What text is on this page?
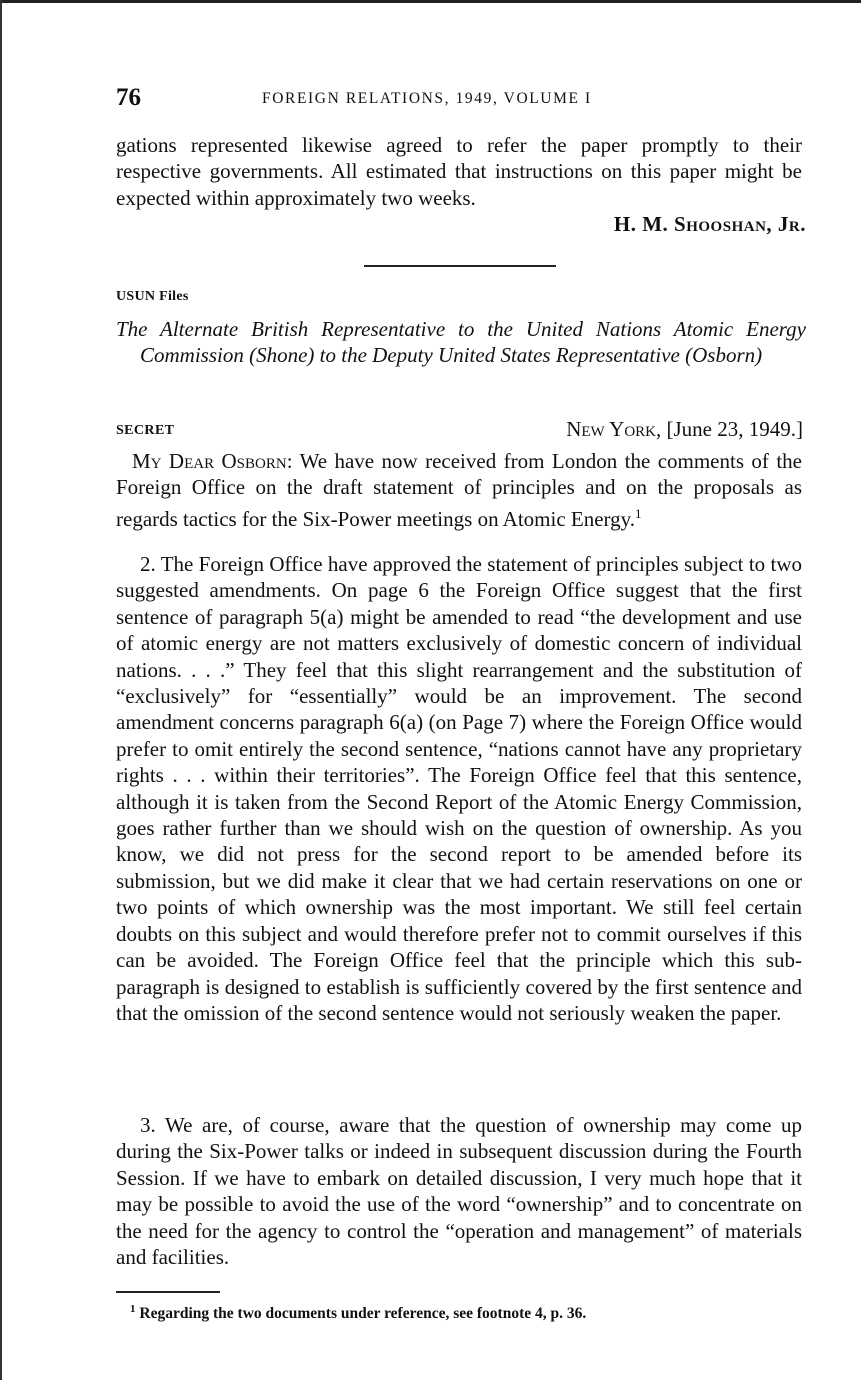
76	FOREIGN RELATIONS, 1949, VOLUME I
gations represented likewise agreed to refer the paper promptly to their respective governments. All estimated that instructions on this paper might be expected within approximately two weeks.
H. M. Shooshan, Jr.
USUN Files
The Alternate British Representative to the United Nations Atomic Energy Commission (Shone) to the Deputy United States Representative (Osborn)
SECRET	New York, [June 23, 1949.]
My Dear Osborn: We have now received from London the comments of the Foreign Office on the draft statement of principles and on the proposals as regards tactics for the Six-Power meetings on Atomic Energy.$^1$
2. The Foreign Office have approved the statement of principles subject to two suggested amendments. On page 6 the Foreign Office suggest that the first sentence of paragraph 5(a) might be amended to read “the development and use of atomic energy are not matters exclusively of domestic concern of individual nations. . . .” They feel that this slight rearrangement and the substitution of “exclusively” for “essentially” would be an improvement. The second amendment concerns paragraph 6(a) (on Page 7) where the Foreign Office would prefer to omit entirely the second sentence, “nations cannot have any proprietary rights . . . within their territories”. The Foreign Office feel that this sentence, although it is taken from the Second Report of the Atomic Energy Commission, goes rather further than we should wish on the question of ownership. As you know, we did not press for the second report to be amended before its submission, but we did make it clear that we had certain reservations on one or two points of which ownership was the most important. We still feel certain doubts on this subject and would therefore prefer not to commit ourselves if this can be avoided. The Foreign Office feel that the principle which this sub-paragraph is designed to establish is sufficiently covered by the first sentence and that the omission of the second sentence would not seriously weaken the paper.
3. We are, of course, aware that the question of ownership may come up during the Six-Power talks or indeed in subsequent discussion during the Fourth Session. If we have to embark on detailed discussion, I very much hope that it may be possible to avoid the use of the word “ownership” and to concentrate on the need for the agency to control the “operation and management” of materials and facilities.
$^1$ Regarding the two documents under reference, see footnote 4, p. 36.
